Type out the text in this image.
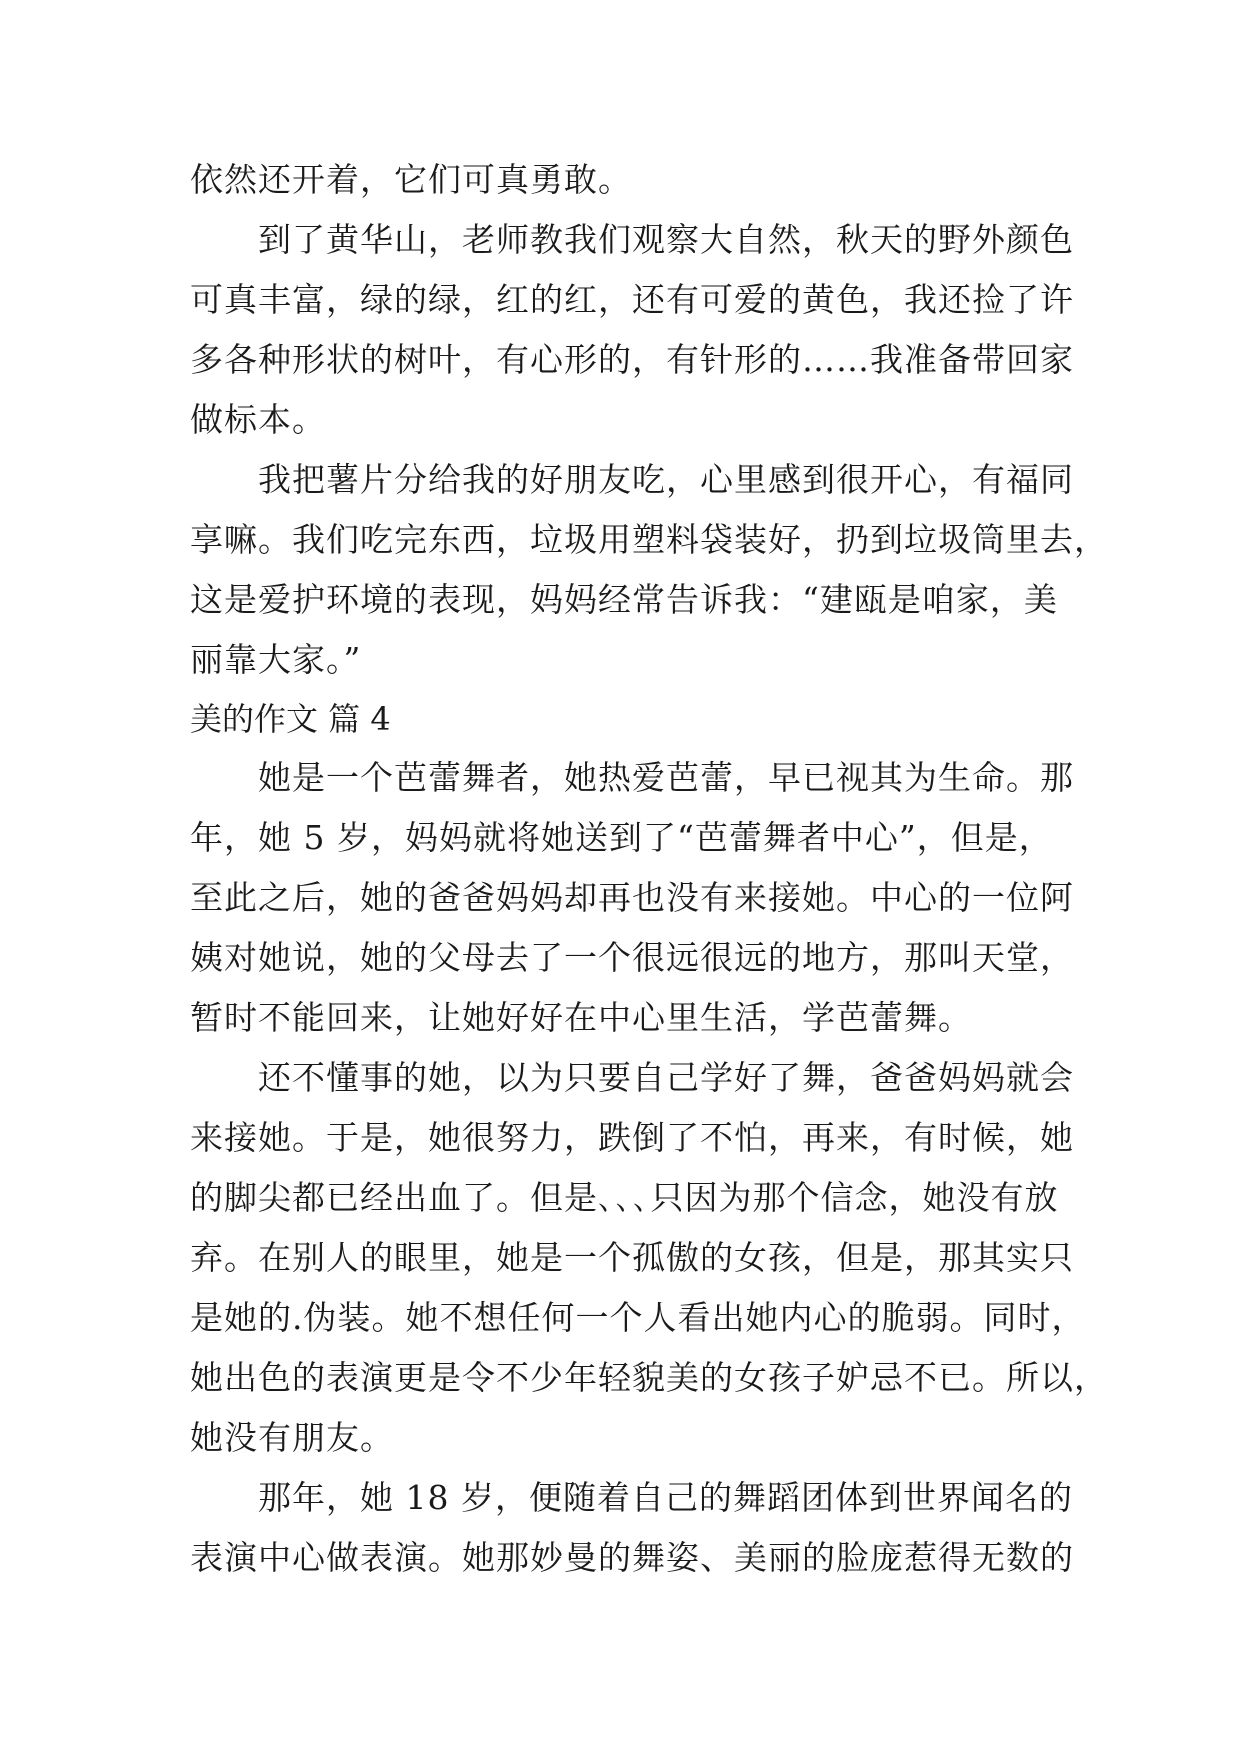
依然还开着，它们可真勇敢。
到了黄华山，老师教我们观察大自然，秋天的野外颜色
可真丰富，绿的绿，红的红，还有可爱的黄色，我还捡了许
多各种形状的树叶，有心形的，有针形的……我准备带回家
做标本。
我把薯片分给我的好朋友吃，心里感到很开心，有福同
享嘛。我们吃完东西，垃圾用塑料袋装好，扔到垃圾筒里去，
这是爱护环境的表现，妈妈经常告诉我：“建瓯是咱家，美
丽靠大家。”
美的作文 篇 4
她是一个芭蕾舞者，她热爱芭蕾，早已视其为生命。那
年，她 5 岁，妈妈就将她送到了“芭蕾舞者中心”，但是，
至此之后，她的爸爸妈妈却再也没有来接她。中心的一位阿
姨对她说，她的父母去了一个很远很远的地方，那叫天堂，
暂时不能回来，让她好好在中心里生活，学芭蕾舞。
还不懂事的她，以为只要自己学好了舞，爸爸妈妈就会
来接她。于是，她很努力，跌倒了不怕，再来，有时候，她
的脚尖都已经出血了。但是､､､只因为那个信念，她没有放
弃。在别人的眼里，她是一个孤傲的女孩，但是，那其实只
是她的.伪装。她不想任何一个人看出她内心的脆弱。同时，
她出色的表演更是令不少年轻貌美的女孩子妒忌不已。所以，
她没有朋友。
那年，她 18 岁，便随着自己的舞蹈团体到世界闻名的
表演中心做表演。她那妙曼的舞姿、美丽的脸庞惹得无数的
